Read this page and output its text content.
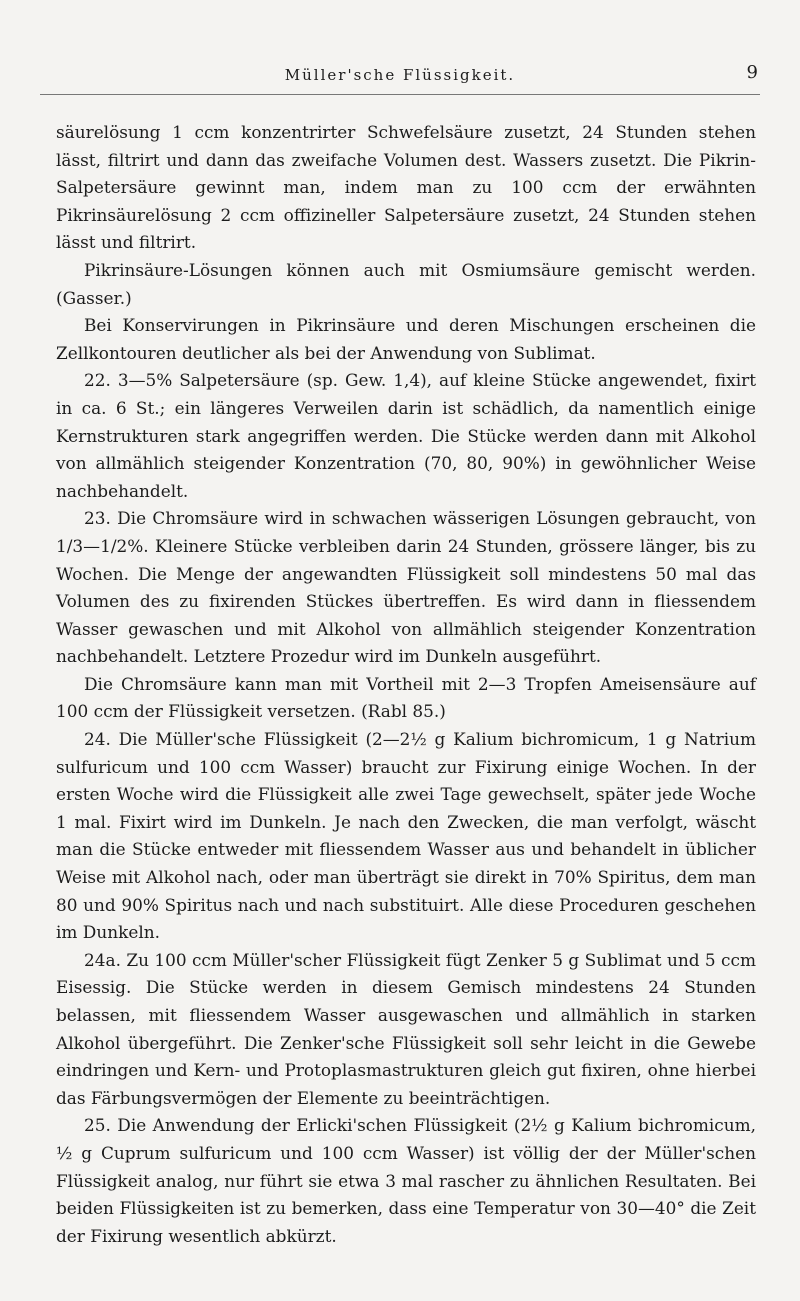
Müller'sche Flüssigkeit.	9

säurelösung 1 ccm konzentrirter Schwefelsäure zusetzt, 24 Stunden stehen lässt, filtrirt und dann das zweifache Volumen dest. Wassers zusetzt. Die Pikrin-Salpetersäure gewinnt man, indem man zu 100 ccm der erwähnten Pikrinsäurelösung 2 ccm offizineller Salpetersäure zusetzt, 24 Stunden stehen lässt und filtrirt.

Pikrinsäure-Lösungen können auch mit Osmiumsäure gemischt werden. (Gasser.)

Bei Konservirungen in Pikrinsäure und deren Mischungen erscheinen die Zellkontouren deutlicher als bei der Anwendung von Sublimat.

22. 3—5% Salpetersäure (sp. Gew. 1,4), auf kleine Stücke angewendet, fixirt in ca. 6 St.; ein längeres Verweilen darin ist schädlich, da namentlich einige Kernstrukturen stark angegriffen werden. Die Stücke werden dann mit Alkohol von allmählich steigender Konzentration (70, 80, 90%) in gewöhnlicher Weise nachbehandelt.

23. Die Chromsäure wird in schwachen wässerigen Lösungen gebraucht, von 1/3—1/2%. Kleinere Stücke verbleiben darin 24 Stunden, grössere länger, bis zu Wochen. Die Menge der angewandten Flüssigkeit soll mindestens 50 mal das Volumen des zu fixirenden Stückes übertreffen. Es wird dann in fliessendem Wasser gewaschen und mit Alkohol von allmählich steigender Konzentration nachbehandelt. Letztere Prozedur wird im Dunkeln ausgeführt.

Die Chromsäure kann man mit Vortheil mit 2—3 Tropfen Ameisensäure auf 100 ccm der Flüssigkeit versetzen. (Rabl 85.)

24. Die Müller'sche Flüssigkeit (2—2½ g Kalium bichromicum, 1 g Natrium sulfuricum und 100 ccm Wasser) braucht zur Fixirung einige Wochen. In der ersten Woche wird die Flüssigkeit alle zwei Tage gewechselt, später jede Woche 1 mal. Fixirt wird im Dunkeln. Je nach den Zwecken, die man verfolgt, wäscht man die Stücke entweder mit fliessendem Wasser aus und behandelt in üblicher Weise mit Alkohol nach, oder man überträgt sie direkt in 70% Spiritus, dem man 80 und 90% Spiritus nach und nach substituirt. Alle diese Proceduren geschehen im Dunkeln.

24a. Zu 100 ccm Müller'scher Flüssigkeit fügt Zenker 5 g Sublimat und 5 ccm Eisessig. Die Stücke werden in diesem Gemisch mindestens 24 Stunden belassen, mit fliessendem Wasser ausgewaschen und allmählich in starken Alkohol übergeführt. Die Zenker'sche Flüssigkeit soll sehr leicht in die Gewebe eindringen und Kern- und Protoplasmastrukturen gleich gut fixiren, ohne hierbei das Färbungsvermögen der Elemente zu beeinträchtigen.

25. Die Anwendung der Erlicki'schen Flüssigkeit (2½ g Kalium bichromicum, ½ g Cuprum sulfuricum und 100 ccm Wasser) ist völlig der der Müller'schen Flüssigkeit analog, nur führt sie etwa 3 mal rascher zu ähnlichen Resultaten. Bei beiden Flüssigkeiten ist zu bemerken, dass eine Temperatur von 30—40° die Zeit der Fixirung wesentlich abkürzt.
